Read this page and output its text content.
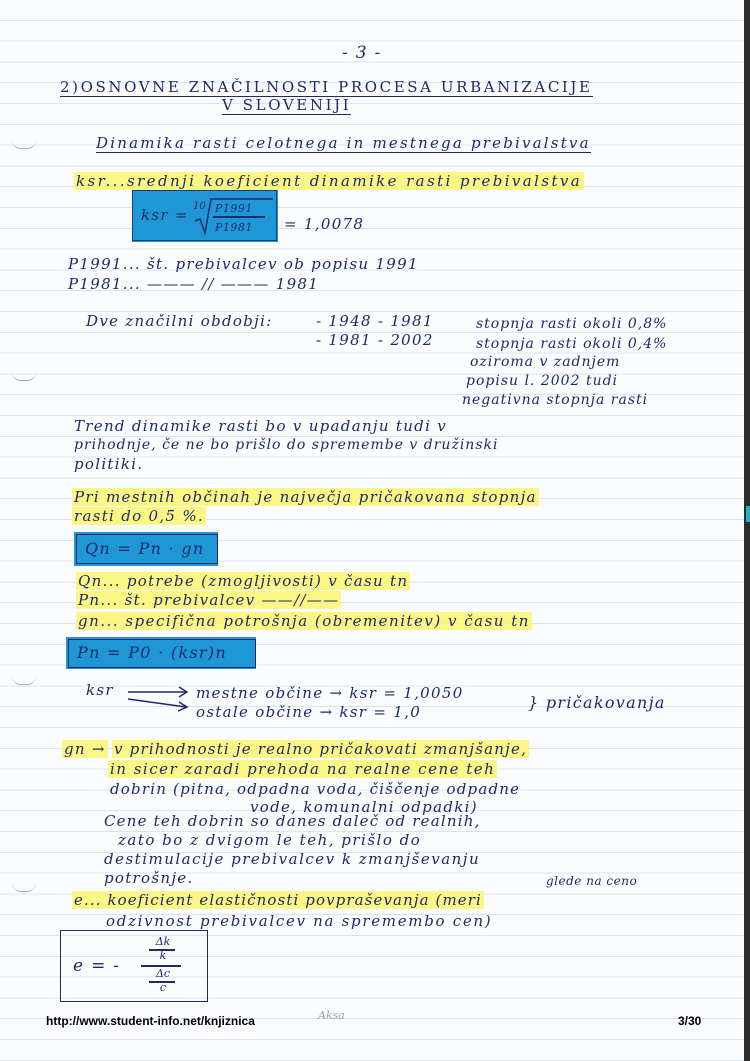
- 3 -
2)OSNOVNE ZNAČILNOSTI PROCESA URBANIZACIJE
V SLOVENIJI
Dinamika rasti celotnega in mestnega prebivalstva
ksr...srednji koeficient dinamike rasti prebivalstva
ksr = 10 P1991
P1981 = 1,0078
P1991... št. prebivalcev ob popisu 1991
P1981... ——— // ——— 1981
Dve značilni obdobji:	- 1948 - 1981	stopnja rasti okoli 0,8%
- 1981 - 2002	stopnja rasti okoli 0,4%
oziroma v zadnjem
popisu l. 2002 tudi
negativna stopnja rasti
Trend dinamike rasti bo v upadanju tudi v
prihodnje, če ne bo prišlo do spremembe v družinski
politiki.
Pri mestnih občinah je največja pričakovana stopnja
rasti do 0,5 %.
Qn = Pn · gn
Qn... potrebe (zmogljivosti) v času tn
Pn... št. prebivalcev ——//——
gn... specifična potrošnja (obremenitev) v času tn
Pn = P0 · (ksr)n
ksr	mestne občine → ksr = 1,0050
ostale občine → ksr = 1,0	} pričakovanja
gn → v prihodnosti je realno pričakovati zmanjšanje,
in sicer zaradi prehoda na realne cene teh
dobrin (pitna, odpadna voda, čiščenje odpadne
vode, komunalni odpadki)
Cene teh dobrin so danes daleč od realnih,
zato bo z dvigom le teh, prišlo do
destimulacije prebivalcev k zmanjševanju
potrošnje.	glede na ceno
e... koeficient elastičnosti povpraševanja (meri
odzivnost prebivalcev na spremembo cen)
e = -
Δk
k
Δc
c
http://www.student-info.net/knjiznica	Aksa	3/30
